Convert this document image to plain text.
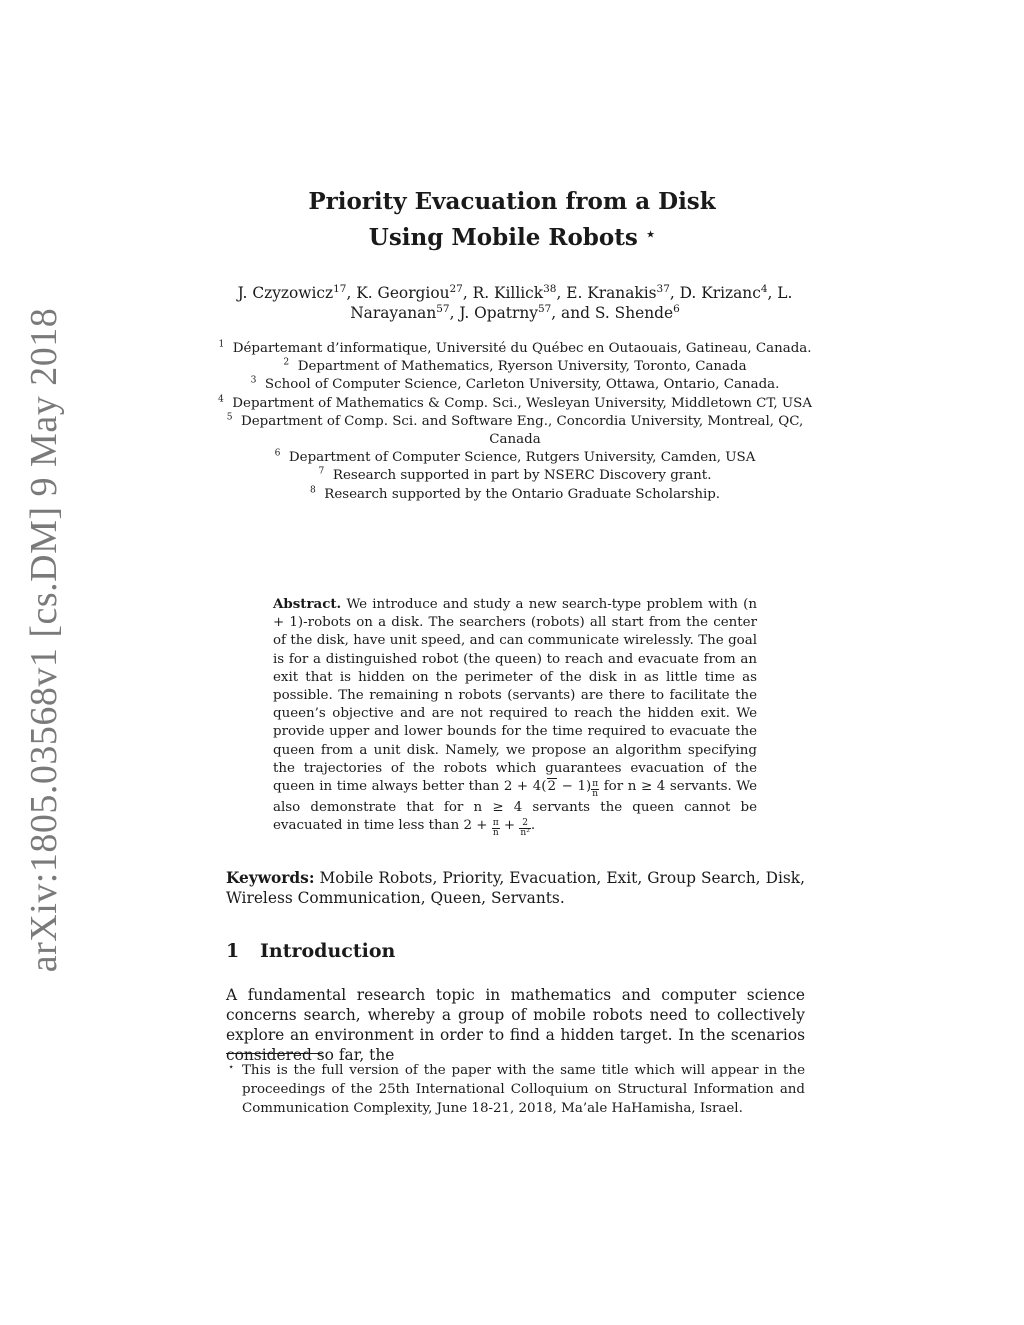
arXiv:1805.03568v1 [cs.DM] 9 May 2018
Priority Evacuation from a Disk
Using Mobile Robots ⋆
J. Czyzowicz$^{17}$, K. Georgiou$^{27}$, R. Killick$^{38}$, E. Kranakis$^{37}$, D. Krizanc$^4$, L. Narayanan$^{57}$, J. Opatrny$^{57}$, and S. Shende$^6$
$^1$ Départemant d’informatique, Université du Québec en Outaouais, Gatineau, Canada.
$^2$ Department of Mathematics, Ryerson University, Toronto, Canada
$^3$ School of Computer Science, Carleton University, Ottawa, Ontario, Canada.
$^4$ Department of Mathematics & Comp. Sci., Wesleyan University, Middletown CT, USA
$^5$ Department of Comp. Sci. and Software Eng., Concordia University, Montreal, QC, Canada
$^6$ Department of Computer Science, Rutgers University, Camden, USA
$^7$ Research supported in part by NSERC Discovery grant.
$^8$ Research supported by the Ontario Graduate Scholarship.
Abstract. We introduce and study a new search-type problem with (n + 1)-robots on a disk. The searchers (robots) all start from the center of the disk, have unit speed, and can communicate wirelessly. The goal is for a distinguished robot (the queen) to reach and evacuate from an exit that is hidden on the perimeter of the disk in as little time as possible. The remaining n robots (servants) are there to facilitate the queen’s objective and are not required to reach the hidden exit. We provide upper and lower bounds for the time required to evacuate the queen from a unit disk. Namely, we propose an algorithm specifying the trajectories of the robots which guarantees evacuation of the queen in time always better than $2 + 4(2 - 1) \frac{\pi}{n}$ for n ≥ 4 servants. We also demonstrate that for n ≥ 4 servants the queen cannot be evacuated in time less than $2 + \frac{\pi}{n} + \frac{2}{\text{n²}}$ .
Keywords: Mobile Robots, Priority, Evacuation, Exit, Group Search, Disk, Wireless Communication, Queen, Servants.
1 Introduction
A fundamental research topic in mathematics and computer science concerns search, whereby a group of mobile robots need to collectively explore an environment in order to find a hidden target. In the scenarios considered so far, the
⋆ This is the full version of the paper with the same title which will appear in the proceedings of the 25th International Colloquium on Structural Information and Communication Complexity, June 18-21, 2018, Ma’ale HaHamisha, Israel.
